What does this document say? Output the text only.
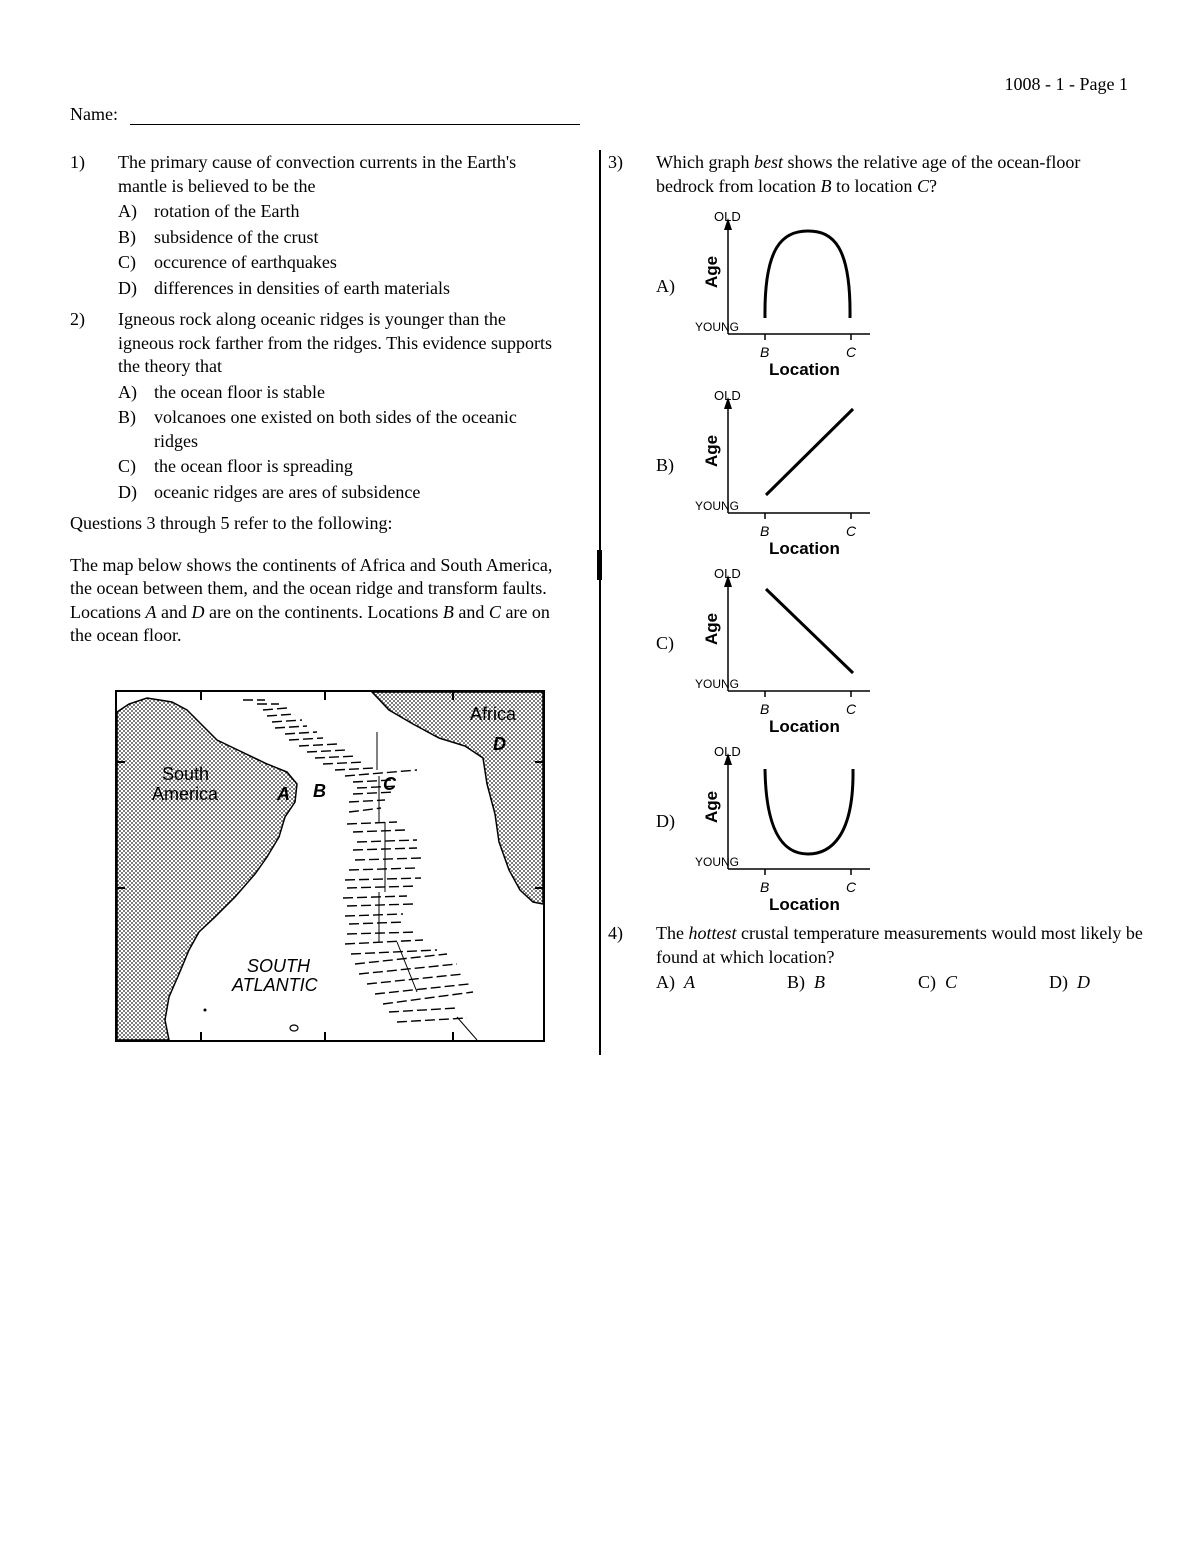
1008 - 1 - Page 1
Name:
1)	The primary cause of convection currents in the Earth's mantle is believed to be the
A) rotation of the Earth
B)	subsidence of the crust
C)	occurence of earthquakes
D) differences in densities of earth materials
2)	Igneous rock along oceanic ridges is younger than the igneous rock farther from the ridges. This evidence supports the theory that
A) the ocean floor is stable
B)	volcanoes one existed on both sides of the oceanic ridges
C)	the ocean floor is spreading
D) oceanic ridges are ares of subsidence

Questions 3 through 5 refer to the following:

The map below shows the continents of Africa and South America, the ocean between them, and the ocean ridge and transform faults. Locations A and D are on the continents. Locations B and C are on the ocean floor.

South
America
Africa
SOUTH
ATLANTIC
A B	C
D
3)	Which graph best shows the relative age of the ocean-floor bedrock from location B to location C?
A)
OLD
YOUNG
Age
B	C
Location
B)
OLD
YOUNG
Age
B	C
Location
C)
OLD
YOUNG
Age
B	C
Location
D)
OLD
YOUNG
Age
B	C
Location
4)	The hottest crustal temperature measurements would most likely be found at which location?
A) A	B) B	C) C	D) D
